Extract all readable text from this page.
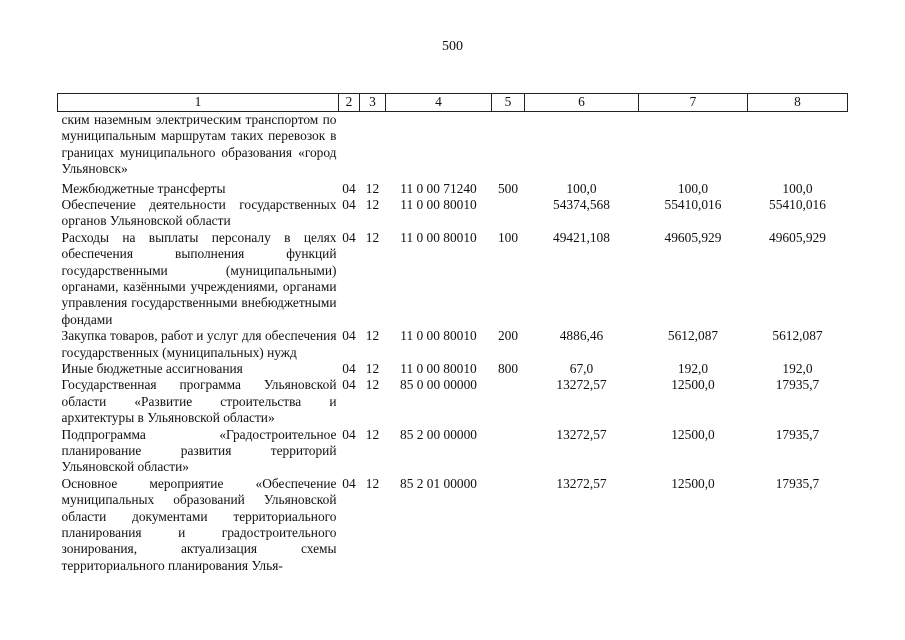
500
1	2	3	4	5	6	7	8
ским наземным электрическим транспортом по муниципальным маршрутам таких перевозок в границах муниципального образования «город Ульяновск»							
Межбюджетные трансферты	04	12	11 0 00 71240	500	100,0	100,0	100,0
Обеспечение деятельности государственных органов Ульяновской области	04	12	11 0 00 80010		54374,568	55410,016	55410,016
Расходы на выплаты персоналу в целях обеспечения выполнения функций государственными (муниципальными) органами, казёнными учреждениями, органами управления государственными внебюджетными фондами	04	12	11 0 00 80010	100	49421,108	49605,929	49605,929
Закупка товаров, работ и услуг для обеспечения государственных (муниципальных) нужд	04	12	11 0 00 80010	200	4886,46	5612,087	5612,087
Иные бюджетные ассигнования	04	12	11 0 00 80010	800	67,0	192,0	192,0
Государственная программа Ульяновской области «Развитие строительства и архитектуры в Ульяновской области»	04	12	85 0 00 00000		13272,57	12500,0	17935,7
Подпрограмма «Градостроительное планирование развития территорий Ульяновской области»	04	12	85 2 00 00000		13272,57	12500,0	17935,7
Основное мероприятие «Обеспечение муниципальных образований Ульяновской области документами территориального планирования и градостроительного зонирования, актуализация схемы территориального планирования Улья-	04	12	85 2 01 00000		13272,57	12500,0	17935,7
